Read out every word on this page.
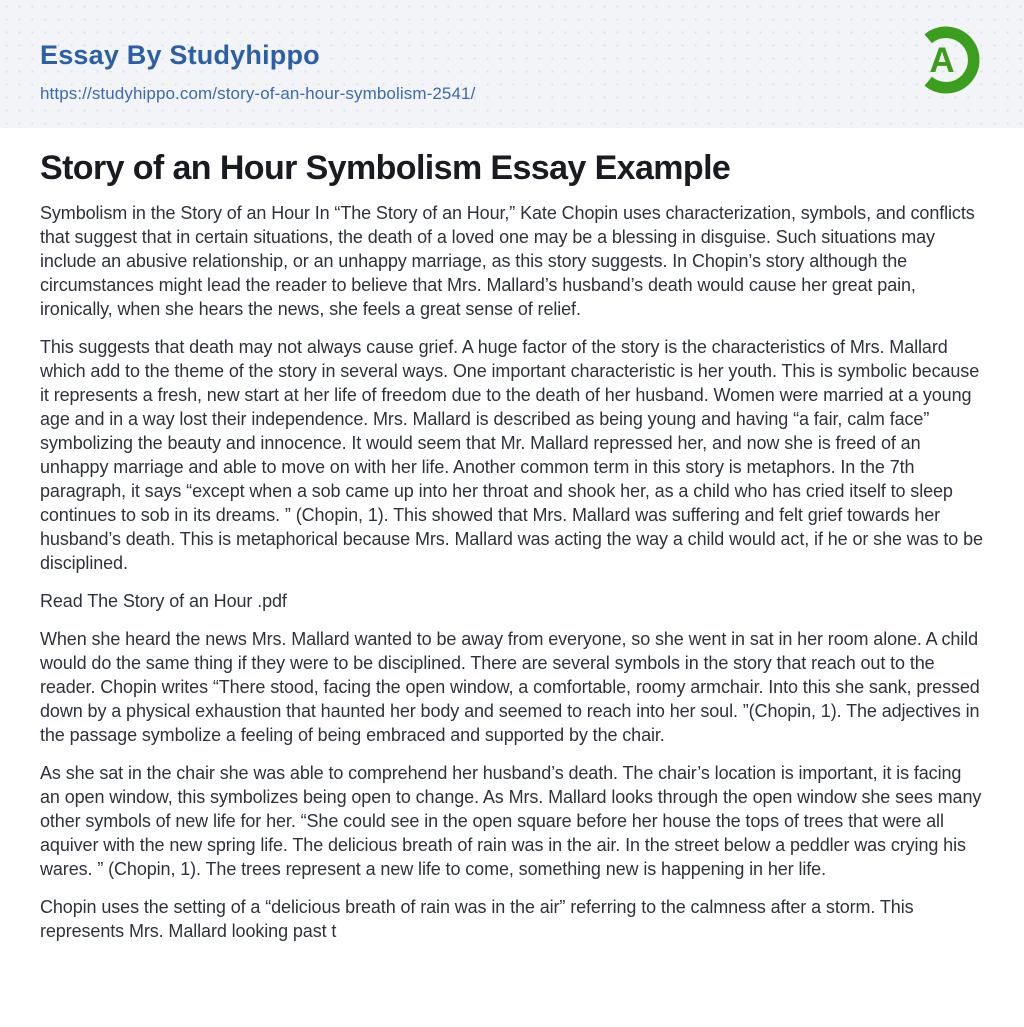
Essay By Studyhippo
https://studyhippo.com/story-of-an-hour-symbolism-2541/
A
Story of an Hour Symbolism Essay Example

Symbolism in the Story of an Hour In “The Story of an Hour,” Kate Chopin uses characterization, symbols, and conflicts that suggest that in certain situations, the death of a loved one may be a blessing in disguise. Such situations may include an abusive relationship, or an unhappy marriage, as this story suggests. In Chopin’s story although the circumstances might lead the reader to believe that Mrs. Mallard’s husband’s death would cause her great pain, ironically, when she hears the news, she feels a great sense of relief.

This suggests that death may not always cause grief. A huge factor of the story is the characteristics of Mrs. Mallard which add to the theme of the story in several ways. One important characteristic is her youth. This is symbolic because it represents a fresh, new start at her life of freedom due to the death of her husband. Women were married at a young age and in a way lost their independence. Mrs. Mallard is described as being young and having “a fair, calm face” symbolizing the beauty and innocence. It would seem that Mr. Mallard repressed her, and now she is freed of an unhappy marriage and able to move on with her life. Another common term in this story is metaphors. In the 7th paragraph, it says “except when a sob came up into her throat and shook her, as a child who has cried itself to sleep continues to sob in its dreams. ” (Chopin, 1). This showed that Mrs. Mallard was suffering and felt grief towards her husband’s death. This is metaphorical because Mrs. Mallard was acting the way a child would act, if he or she was to be disciplined.

Read The Story of an Hour .pdf

When she heard the news Mrs. Mallard wanted to be away from everyone, so she went in sat in her room alone. A child would do the same thing if they were to be disciplined. There are several symbols in the story that reach out to the reader. Chopin writes “There stood, facing the open window, a comfortable, roomy armchair. Into this she sank, pressed down by a physical exhaustion that haunted her body and seemed to reach into her soul. ”(Chopin, 1). The adjectives in the passage symbolize a feeling of being embraced and supported by the chair.

As she sat in the chair she was able to comprehend her husband’s death. The chair’s location is important, it is facing an open window, this symbolizes being open to change. As Mrs. Mallard looks through the open window she sees many other symbols of new life for her. “She could see in the open square before her house the tops of trees that were all aquiver with the new spring life. The delicious breath of rain was in the air. In the street below a peddler was crying his wares. ” (Chopin, 1). The trees represent a new life to come, something new is happening in her life.

Chopin uses the setting of a “delicious breath of rain was in the air” referring to the calmness after a storm. This represents Mrs. Mallard looking past t
